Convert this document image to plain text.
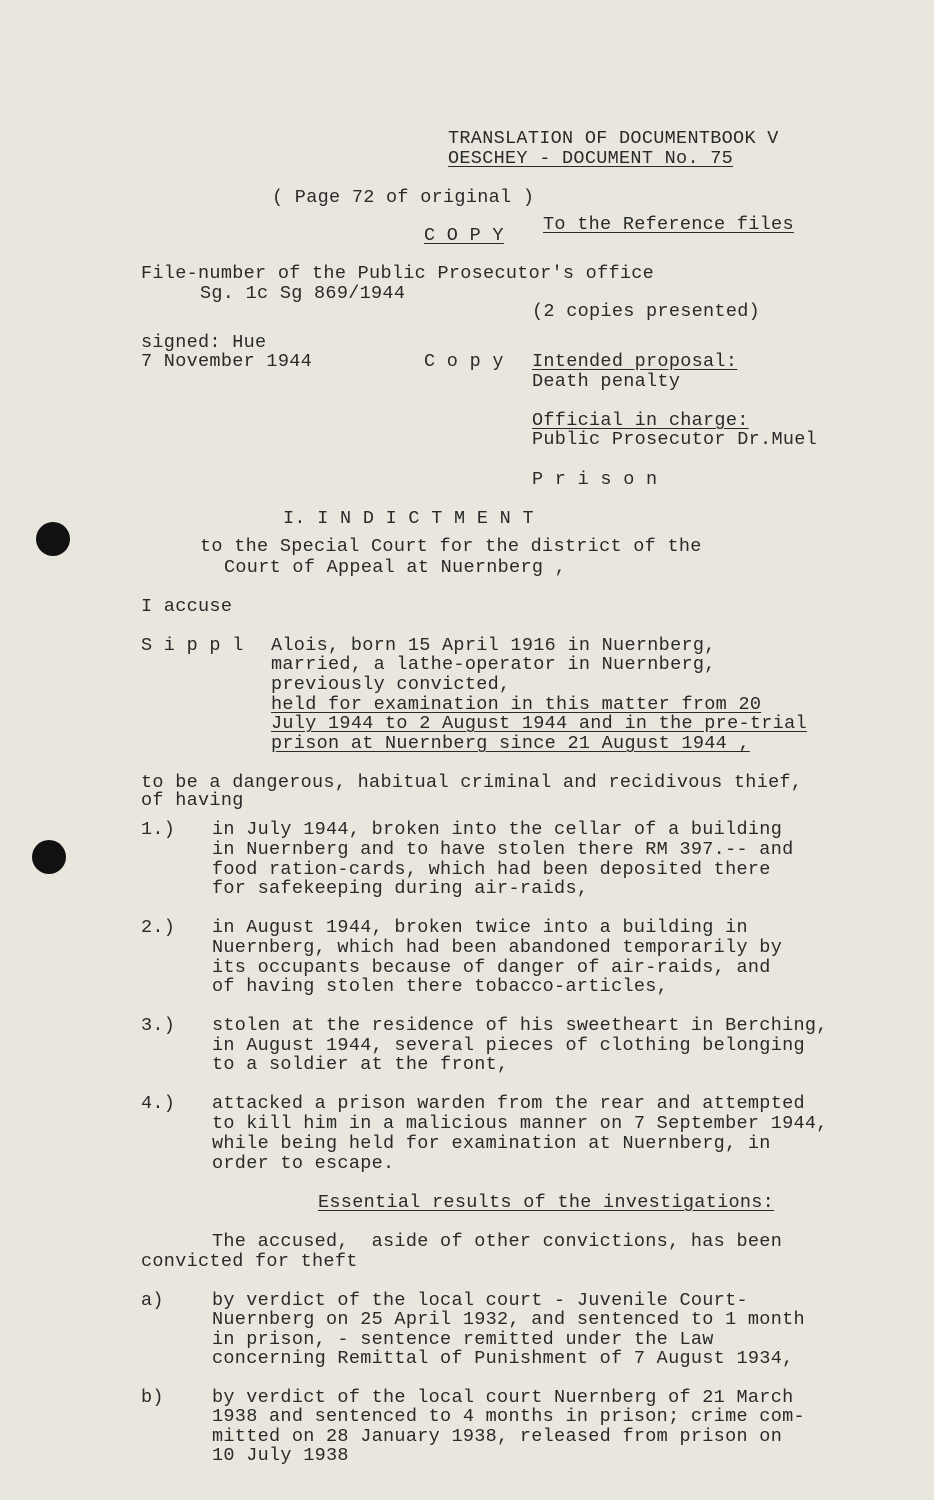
TRANSLATION OF DOCUMENTBOOK V
OESCHEY - DOCUMENT No. 75
( Page 72 of original )
C O P Y
To the Reference files
File-number of the Public Prosecutor's office
Sg. 1c Sg 869/1944
(2 copies presented)
signed: Hue
7 November 1944	C o p y Intended proposal:
Death penalty
Official in charge:
Public Prosecutor Dr.Muel
P r i s o n
I. I N D I C T M E N T
to the Special Court for the district of the
Court of Appeal at Nuernberg ,
I accuse
S i p p l Alois, born 15 April 1916 in Nuernberg,
married, a lathe-operator in Nuernberg,
previously convicted,
held for examination in this matter from 20
July 1944 to 2 August 1944 and in the pre-trial
prison at Nuernberg since 21 August 1944 ,
to be a dangerous, habitual criminal and recidivous thief,
of having
1.) in July 1944, broken into the cellar of a building
in Nuernberg and to have stolen there RM 397.-- and
food ration-cards, which had been deposited there
for safekeeping during air-raids,
2.) in August 1944, broken twice into a building in
Nuernberg, which had been abandoned temporarily by
its occupants because of danger of air-raids, and
of having stolen there tobacco-articles,
3.) stolen at the residence of his sweetheart in Berching,
in August 1944, several pieces of clothing belonging
to a soldier at the front,
4.) attacked a prison warden from the rear and attempted
to kill him in a malicious manner on 7 September 1944,
while being held for examination at Nuernberg, in
order to escape.
Essential results of the investigations:
The accused,  aside of other convictions, has been
convicted for theft
a)	by verdict of the local court - Juvenile Court-
Nuernberg on 25 April 1932, and sentenced to 1 month
in prison, - sentence remitted under the Law
concerning Remittal of Punishment of 7 August 1934,
b)	by verdict of the local court Nuernberg of 21 March
1938 and sentenced to 4 months in prison; crime com-
mitted on 28 January 1938, released from prison on
10 July 1938
